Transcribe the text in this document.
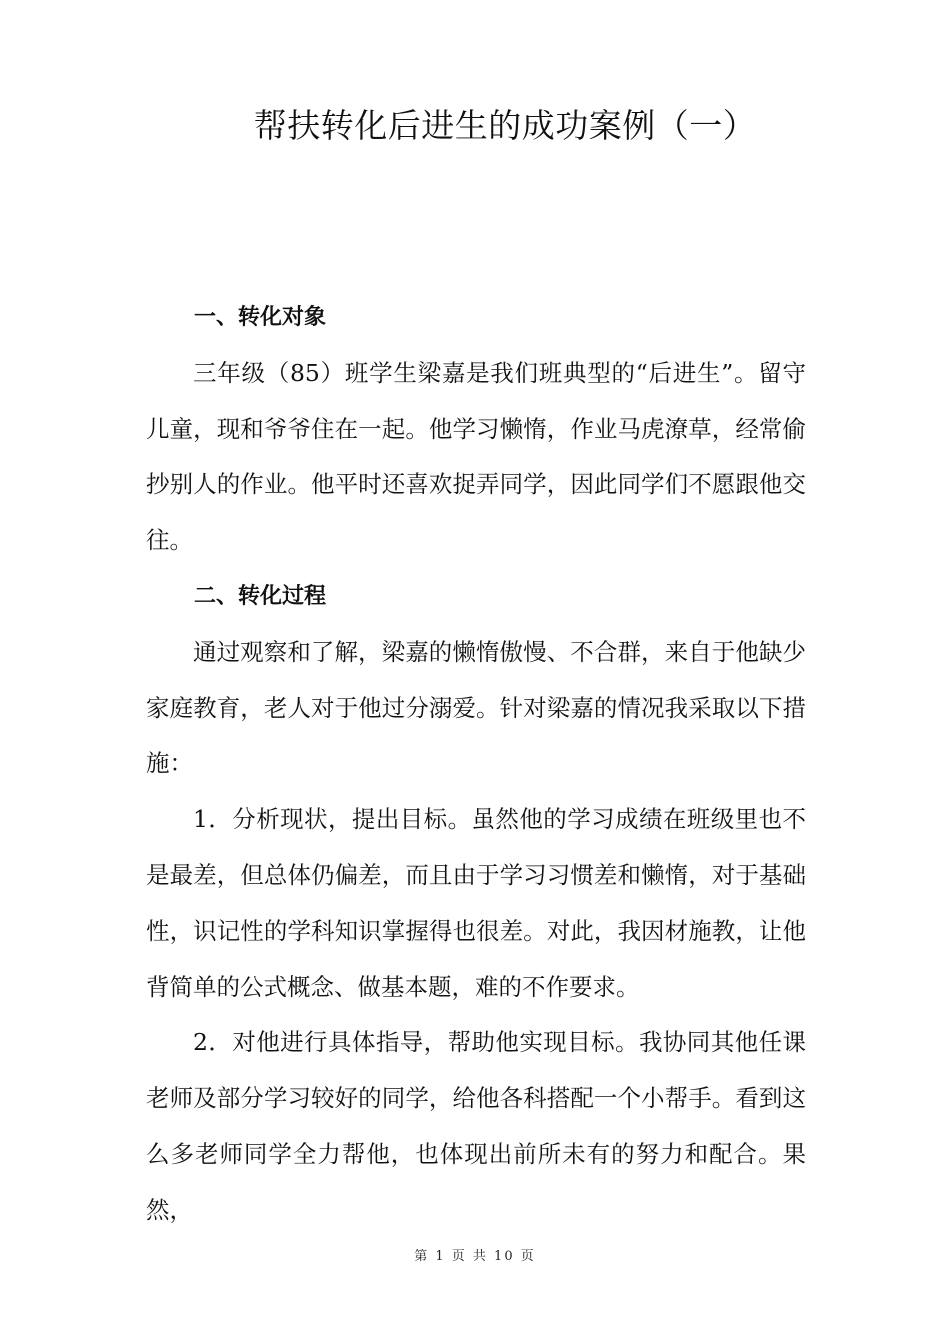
帮扶转化后进生的成功案例（一）

一、转化对象

三年级（85）班学生梁嘉是我们班典型的“后进生”。留守儿童，现和爷爷住在一起。他学习懒惰，作业马虎潦草，经常偷抄别人的作业。他平时还喜欢捉弄同学，因此同学们不愿跟他交往。

二、转化过程

通过观察和了解，梁嘉的懒惰傲慢、不合群，来自于他缺少家庭教育，老人对于他过分溺爱。针对梁嘉的情况我采取以下措施：

1．分析现状，提出目标。虽然他的学习成绩在班级里也不是最差，但总体仍偏差，而且由于学习习惯差和懒惰，对于基础性，识记性的学科知识掌握得也很差。对此，我因材施教，让他背简单的公式概念、做基本题，难的不作要求。

2．对他进行具体指导，帮助他实现目标。我协同其他任课老师及部分学习较好的同学，给他各科搭配一个小帮手。看到这么多老师同学全力帮他，也体现出前所未有的努力和配合。果然，

第 1 页 共 10 页
